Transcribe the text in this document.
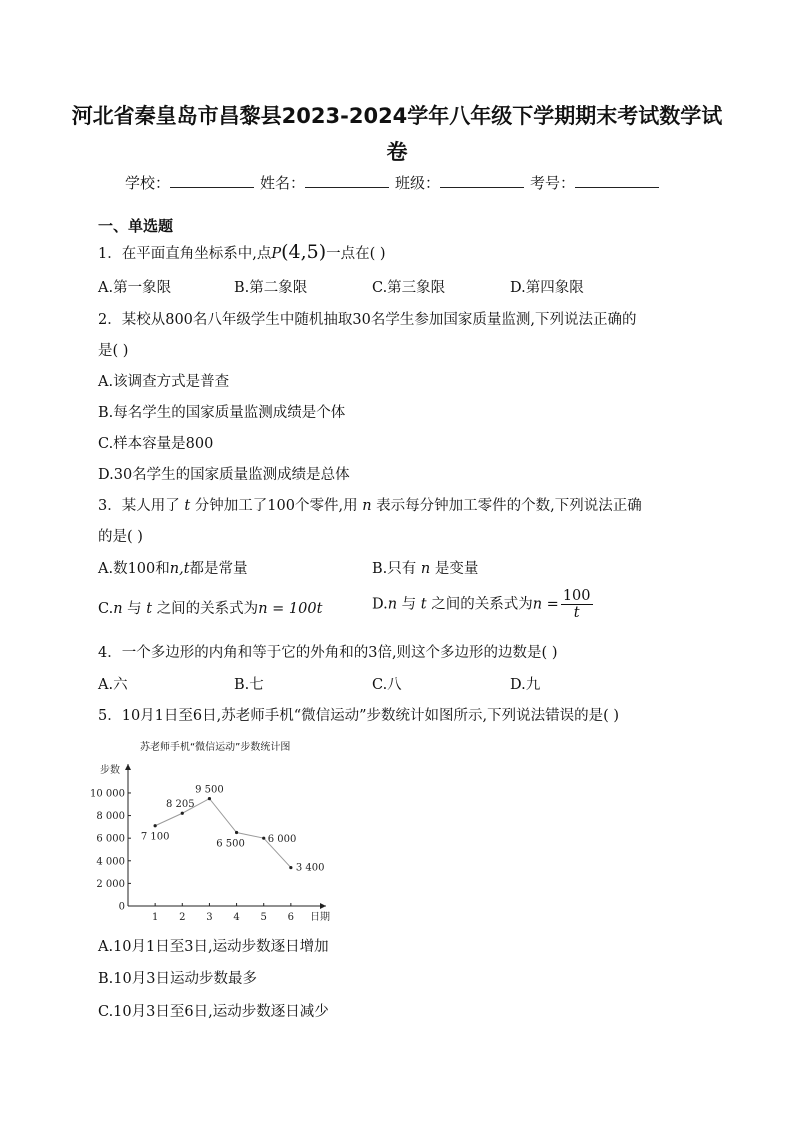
河北省秦皇岛市昌黎县2023-2024学年八年级下学期期末考试数学试
卷
学校：	姓名：	班级：	考号：
一、单选题
1．在平面直角坐标系中,点P(4,5)一点在( )
A.第一象限	B.第二象限	C.第三象限	D.第四象限
2．某校从800名八年级学生中随机抽取30名学生参加国家质量监测,下列说法正确的
是( )
A.该调查方式是普查
B.每名学生的国家质量监测成绩是个体
C.样本容量是800
D.30名学生的国家质量监测成绩是总体
3．某人用了 t 分钟加工了100个零件,用 n 表示每分钟加工零件的个数,下列说法正确
的是( )
A.数100和n,t都是常量	B.只有 n 是变量
C.n 与 t 之间的关系式为n = 100t	D.n 与 t 之间的关系式为$n = \frac{100}{t}$
4．一个多边形的内角和等于它的外角和的3倍,则这个多边形的边数是( )
A.六	B.七	C.八	D.九
5．10月1日至6日,苏老师手机“微信运动”步数统计如图所示,下列说法错误的是( )
苏老师手机“微信运动”步数统计图
0
2 000
4 000
6 000
8 000
10 000
1 2 3 4 5 6
步数
日期
7 100
8 205
9 500
6 500 6 000
3 400
A.10月1日至3日,运动步数逐日增加
B.10月3日运动步数最多
C.10月3日至6日,运动步数逐日减少
